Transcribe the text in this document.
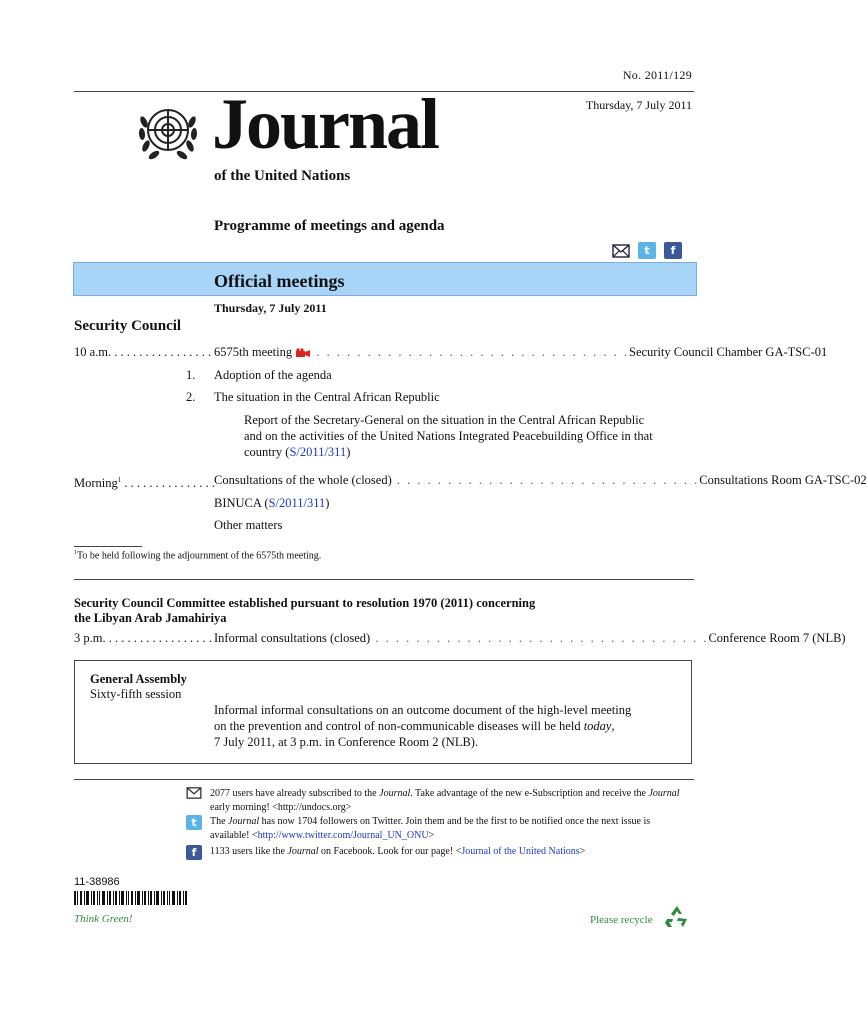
No. 2011/129
Thursday, 7 July 2011
Journal
of the United Nations
Programme of meetings and agenda
t	f
Official meetings
Thursday, 7 July 2011
Security Council
10 a.m. . . . . . . . . . . . . . . . . 6575th meeting	. . . . . . . . . . . . . . . . . . . . . . . . . . . . . . . Security Council Chamber GA-TSC-01
1. Adoption of the agenda
2. The situation in the Central African Republic
Report of the Secretary-General on the situation in the Central African Republic
and on the activities of the United Nations Integrated Peacebuilding Office in that
country (S/2011/311)
Morning$^1$ . . . . . . . . . . . . . . . Consultations of the whole (closed) . . . . . . . . . . . . . . . . . . . . . . . . . . . . . . Consultations Room GA-TSC-02
BINUCA (S/2011/311)
Other matters
$^1$To be held following the adjournment of the 6575th meeting.
Security Council Committee established pursuant to resolution 1970 (2011) concerning
the Libyan Arab Jamahiriya
3 p.m. . . . . . . . . . . . . . . . . . Informal consultations (closed) . . . . . . . . . . . . . . . . . . . . . . . . . . . . . . . . . Conference Room 7 (NLB)
General Assembly
Sixty-fifth session
Informal informal consultations on an outcome document of the high-level meeting
on the prevention and control of non-communicable diseases will be held today,
7 July 2011, at 3 p.m. in Conference Room 2 (NLB).
2077 users have already subscribed to the Journal. Take advantage of the new e-Subscription and receive the Journal early morning! <http://undocs.org>
t	The Journal has now 1704 followers on Twitter. Join them and be the first to be notified once the next issue is available! <http://www.twitter.com/Journal_UN_ONU>
f	1133 users like the Journal on Facebook. Look for our page! <Journal of the United Nations>
11-38986
Think Green!	Please recycle
